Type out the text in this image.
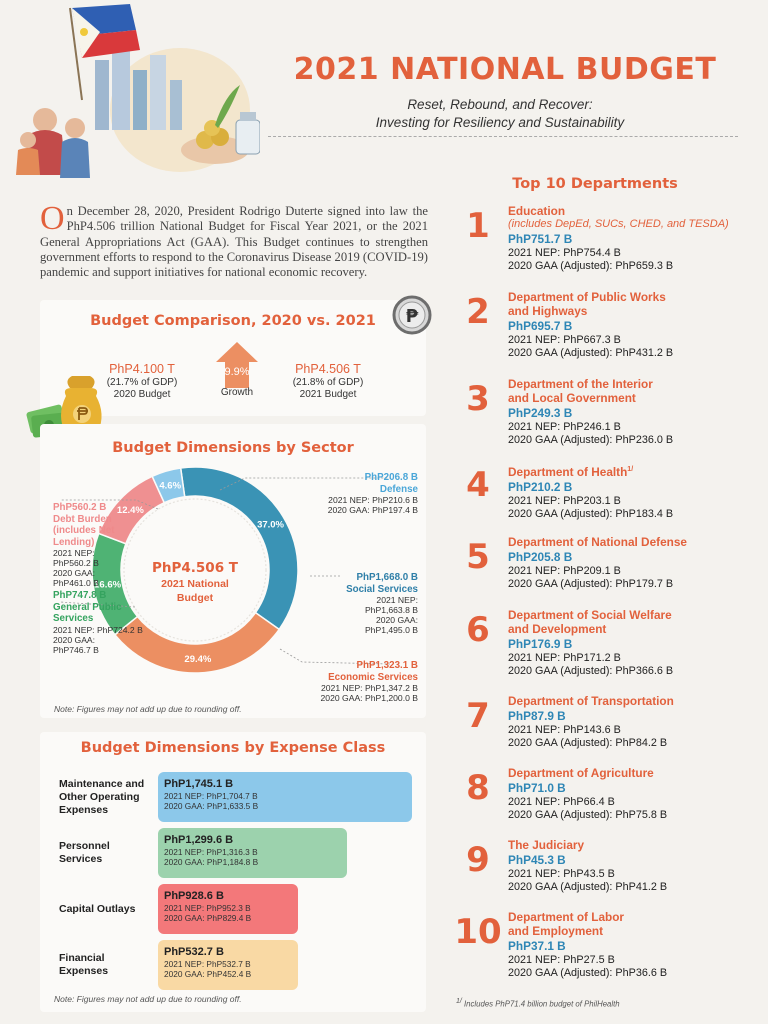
2021 NATIONAL BUDGET
Reset, Rebound, and Recover:
Investing for Resiliency and Sustainability
On December 28, 2020, President Rodrigo Duterte signed into law the PhP4.506 trillion National Budget for Fiscal Year 2021, or the 2021 General Appropriations Act (GAA). This Budget continues to strengthen government efforts to respond to the Coronavirus Disease 2019 (COVID-19) pandemic and support initiatives for national economic recovery.
Budget Comparison, 2020 vs. 2021
PhP4.100 T
(21.7% of GDP)
2020 Budget
9.9%
Growth
PhP4.506 T
(21.8% of GDP)
2021 Budget
₱
Budget Dimensions by Sector
37.0%
29.4%
16.6%
12.4%
4.6%
PhP4.506 T
2021 National
Budget
PhP206.8 B
Defense
2021 NEP: PhP210.6 B
2020 GAA: PhP197.4 B
PhP1,668.0 B
Social Services
2021 NEP:
PhP1,663.8 B
2020 GAA:
PhP1,495.0 B
PhP1,323.1 B
Economic Services
2021 NEP: PhP1,347.2 B
2020 GAA: PhP1,200.0 B
PhP747.8 B
General Public
Services
2021 NEP: PhP724.2 B
2020 GAA:
PhP746.7 B
PhP560.2 B
Debt Burden
(includes Net
Lending)
2021 NEP:
PhP560.2 B
2020 GAA:
PhP461.0 B
Note: Figures may not add up due to rounding off.
Budget Dimensions by Expense Class
Maintenance and
Other Operating
Expenses
PhP1,745.1 B
2021 NEP: PhP1,704.7 B
2020 GAA: PhP1,633.5 B
Personnel
Services
PhP1,299.6 B
2021 NEP: PhP1,316.3 B
2020 GAA: PhP1,184.8 B
Capital Outlays
PhP928.6 B
2021 NEP: PhP952.3 B
2020 GAA: PhP829.4 B
Financial
Expenses
PhP532.7 B
2021 NEP: PhP532.7 B
2020 GAA: PhP452.4 B
Note: Figures may not add up due to rounding off.
Top 10 Departments
1	Education
(includes DepEd, SUCs, CHED, and TESDA)
PhP751.7 B
2021 NEP: PhP754.4 B
2020 GAA (Adjusted): PhP659.3 B
2	Department of Public Works
and Highways
PhP695.7 B
2021 NEP: PhP667.3 B
2020 GAA (Adjusted): PhP431.2 B
3	Department of the Interior
and Local Government
PhP249.3 B
2021 NEP: PhP246.1 B
2020 GAA (Adjusted): PhP236.0 B
4	Department of Health$^{1/}$
PhP210.2 B
2021 NEP: PhP203.1 B
2020 GAA (Adjusted): PhP183.4 B
5	Department of National Defense
PhP205.8 B
2021 NEP: PhP209.1 B
2020 GAA (Adjusted): PhP179.7 B
6	Department of Social Welfare
and Development
PhP176.9 B
2021 NEP: PhP171.2 B
2020 GAA (Adjusted): PhP366.6 B
7	Department of Transportation
PhP87.9 B
2021 NEP: PhP143.6 B
2020 GAA (Adjusted): PhP84.2 B
8	Department of Agriculture
PhP71.0 B
2021 NEP: PhP66.4 B
2020 GAA (Adjusted): PhP75.8 B
9	The Judiciary
PhP45.3 B
2021 NEP: PhP43.5 B
2020 GAA (Adjusted): PhP41.2 B
10 Department of Labor
and Employment
PhP37.1 B
2021 NEP: PhP27.5 B
2020 GAA (Adjusted): PhP36.6 B
$^{1/}$ Includes PhP71.4 billion budget of PhilHealth
